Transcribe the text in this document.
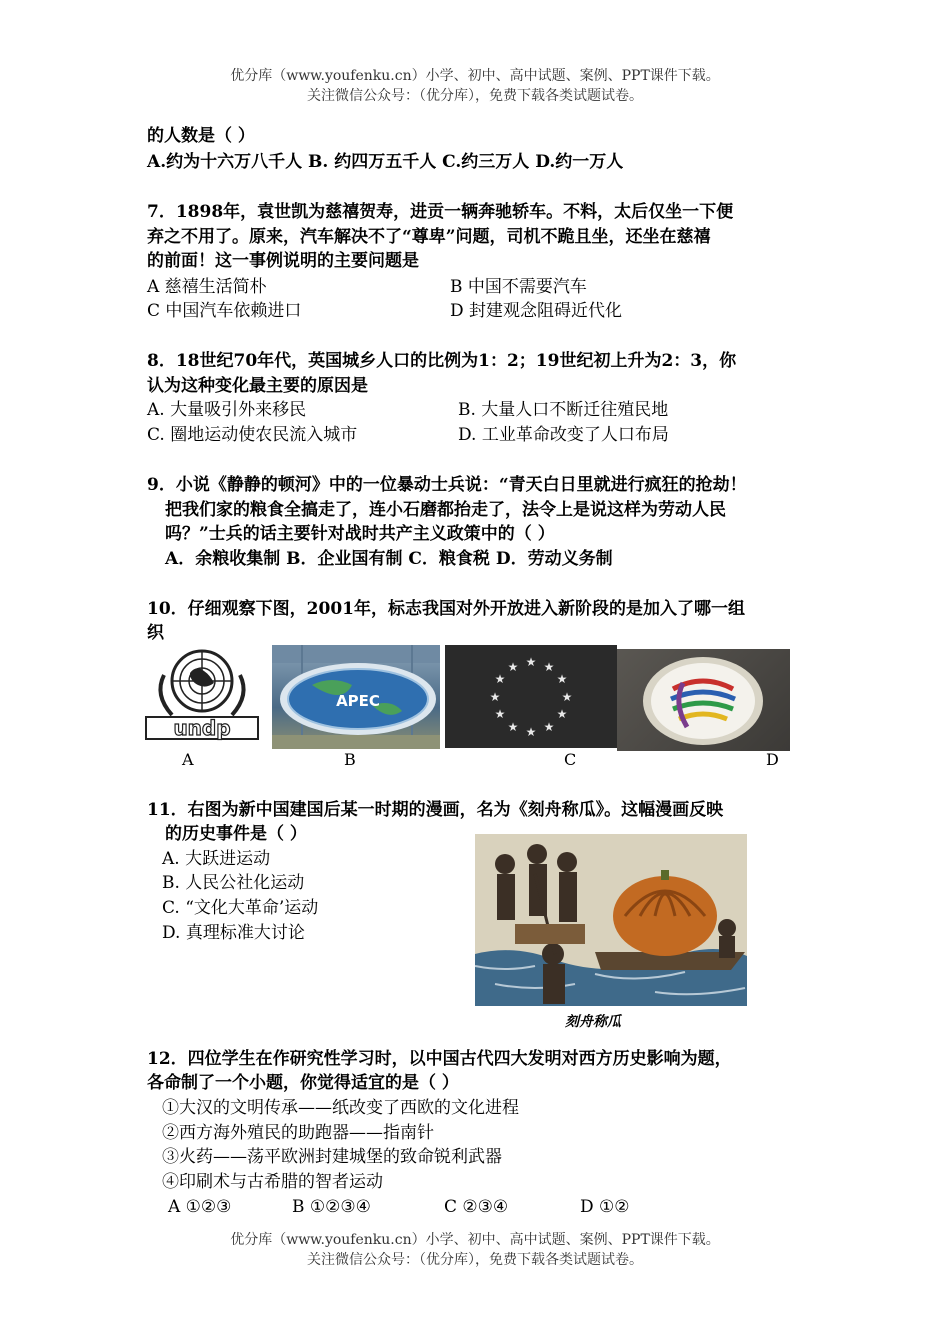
优分库（www.youfenku.cn）小学、初中、高中试题、案例、PPT课件下载。
关注微信公众号：（优分库），免费下载各类试题试卷。
的人数是（ ）
A.约为十六万八千人 B. 约四万五千人 C.约三万人 D.约一万人
7．1898年，袁世凯为慈禧贺寿，进贡一辆奔驰轿车。不料，太后仅坐一下便
弃之不用了。原来，汽车解决不了“尊卑”问题，司机不跪且坐，还坐在慈禧
的前面！这一事例说明的主要问题是
A 慈禧生活简朴	B 中国不需要汽车
C 中国汽车依赖进口	D 封建观念阻碍近代化
8．18世纪70年代，英国城乡人口的比例为1：2；19世纪初上升为2：3，你
认为这种变化最主要的原因是
A. 大量吸引外来移民	B. 大量人口不断迁往殖民地
C. 圈地运动使农民流入城市	D. 工业革命改变了人口布局
9．小说《静静的顿河》中的一位暴动士兵说：“青天白日里就进行疯狂的抢劫！
把我们家的粮食全搞走了，连小石磨都抬走了，法令上是说这样为劳动人民
吗？”士兵的话主要针对战时共产主义政策中的（ ）
A．余粮收集制 B．企业国有制 C．粮食税 D．劳动义务制
10．仔细观察下图，2001年，标志我国对外开放进入新阶段的是加入了哪一组
织
undp
APEC
★ ★
★
★
★
★
★
★
★
★
★
★
A	B	C	D
11．右图为新中国建国后某一时期的漫画，名为《刻舟称瓜》。这幅漫画反映
的历史事件是（ ）
A. 大跃进运动
B. 人民公社化运动
C. “文化大革命’运动
D. 真理标准大讨论
刻舟称瓜
12．四位学生在作研究性学习时，以中国古代四大发明对西方历史影响为题，
各命制了一个小题，你觉得适宜的是（ ）
①大汉的文明传承——纸改变了西欧的文化进程
②西方海外殖民的助跑器——指南针
③火药——荡平欧洲封建城堡的致命锐利武器
④印刷术与古希腊的智者运动
A ①②③	B ①②③④	C ②③④	D ①②
优分库（www.youfenku.cn）小学、初中、高中试题、案例、PPT课件下载。
关注微信公众号：（优分库），免费下载各类试题试卷。
